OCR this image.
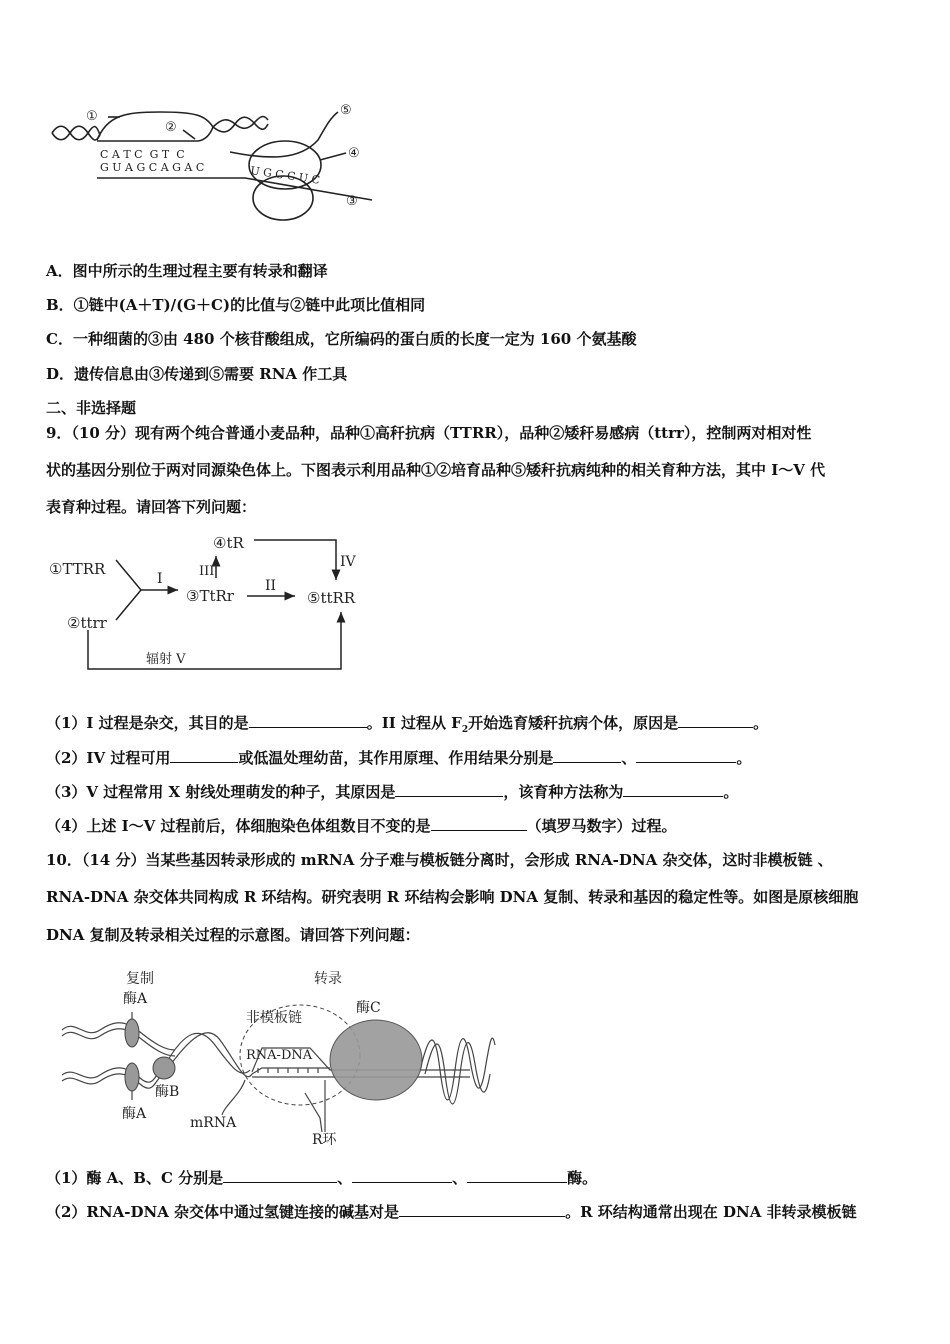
①
②
③
④
⑤
C A T C  G T  C
G U A G C A G A C	U G C C U C
A．图中所示的生理过程主要有转录和翻译
B．①链中(A＋T)/(G＋C)的比值与②链中此项比值相同
C．一种细菌的③由 480 个核苷酸组成，它所编码的蛋白质的长度一定为 160 个氨基酸
D．遗传信息由③传递到⑤需要 RNA 作工具
二、非选择题
9．（10 分）现有两个纯合普通小麦品种，品种①高秆抗病（TTRR），品种②矮秆易感病（ttrr），控制两对相对性
状的基因分别位于两对同源染色体上。下图表示利用品种①②培育品种⑤矮秆抗病纯种的相关育种方法，其中 I～V 代
表育种过程。请回答下列问题：
①TTRR
②ttrr
③TtRr
④tR
⑤ttRR
I	II
III
IV
辐射 V
（1）I 过程是杂交，其目的是	。II 过程从 $F_2$开始选育矮秆抗病个体，原因是	。
（2）IV 过程可用	或低温处理幼苗，其作用原理、作用结果分别是	、	。
（3）V 过程常用 X 射线处理萌发的种子，其原因是	，该育种方法称为	。
（4）上述 I～V 过程前后，体细胞染色体组数目不变的是	（填罗马数字）过程。
10．（14 分）当某些基因转录形成的 mRNA 分子难与模板链分离时，会形成 RNA-DNA 杂交体，这时非模板链 、
RNA-DNA 杂交体共同构成 R 环结构。研究表明 R 环结构会影响 DNA 复制、转录和基因的稳定性等。如图是原核细胞
DNA 复制及转录相关过程的示意图。请回答下列问题：
复制
酶A
转录
酶C
非模板链
RNA-DNA
酶B
酶A
mRNA
R环
（1）酶 A、B、C 分别是	、	、	酶。
（2）RNA-DNA 杂交体中通过氢键连接的碱基对是	。R 环结构通常出现在 DNA 非转录模板链
